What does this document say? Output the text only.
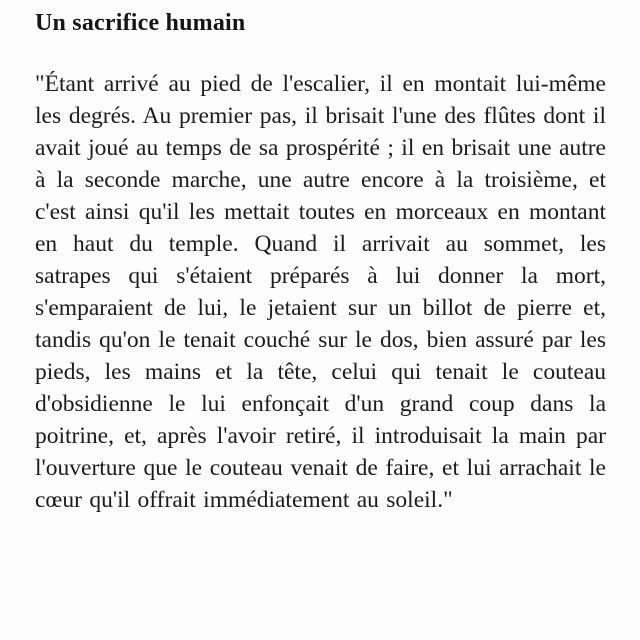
Un sacrifice humain

"Étant arrivé au pied de l'escalier, il en montait lui-même les degrés. Au premier pas, il brisait l'une des flûtes dont il avait joué au temps de sa prospérité ; il en brisait une autre à la seconde marche, une autre encore à la troisième, et c'est ainsi qu'il les mettait toutes en morceaux en montant en haut du temple. Quand il arrivait au sommet, les satrapes qui s'étaient préparés à lui donner la mort, s'emparaient de lui, le jetaient sur un billot de pierre et, tandis qu'on le tenait couché sur le dos, bien assuré par les pieds, les mains et la tête, celui qui tenait le couteau d'obsidienne le lui enfonçait d'un grand coup dans la poitrine, et, après l'avoir retiré, il introduisait la main par l'ouverture que le couteau venait de faire, et lui arrachait le cœur qu'il offrait immédiatement au soleil."
